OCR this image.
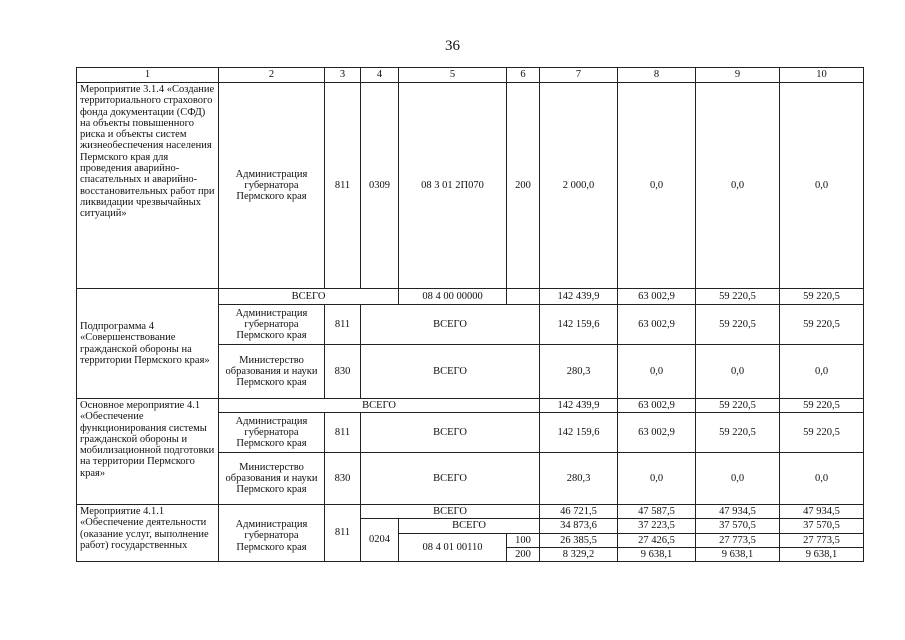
36
1	2	3	4	5	6	7	8	9	10
Мероприятие 3.1.4 «Создание территориального страхового фонда документации (СФД) на объекты повышенного риска и объекты систем жизнеобеспечения населения Пермского края для проведения аварийно-спасательных и аварийно-восстановительных работ при ликвидации чрезвычайных ситуаций»	Администрация губернатора Пермского края	811	0309	08 3 01 2П070	200	2 000,0	0,0	0,0	0,0
Подпрограмма 4 «Совершенствование гражданской обороны на территории Пермского края»	ВСЕГО			08 4 00 00000		142 439,9	63 002,9	59 220,5	59 220,5
	Администрация губернатора Пермского края	811	ВСЕГО			142 159,6	63 002,9	59 220,5	59 220,5
	Министерство образования и науки Пермского края	830	ВСЕГО			280,3	0,0	0,0	0,0
Основное мероприятие 4.1 «Обеспечение функционирования системы гражданской обороны и мобилизационной подготовки на территории Пермского края»	ВСЕГО					142 439,9	63 002,9	59 220,5	59 220,5
	Администрация губернатора Пермского края	811	ВСЕГО			142 159,6	63 002,9	59 220,5	59 220,5
	Министерство образования и науки Пермского края	830	ВСЕГО			280,3	0,0	0,0	0,0
Мероприятие 4.1.1 «Обеспечение деятельности (оказание услуг, выполнение работ) государственных	Администрация губернатора Пермского края	811	ВСЕГО			46 721,5	47 587,5	47 934,5	47 934,5
			0204	ВСЕГО		34 873,6	37 223,5	37 570,5	37 570,5
				08 4 01 00110	100	26 385,5	27 426,5	27 773,5	27 773,5
					200	8 329,2	9 638,1	9 638,1	9 638,1
